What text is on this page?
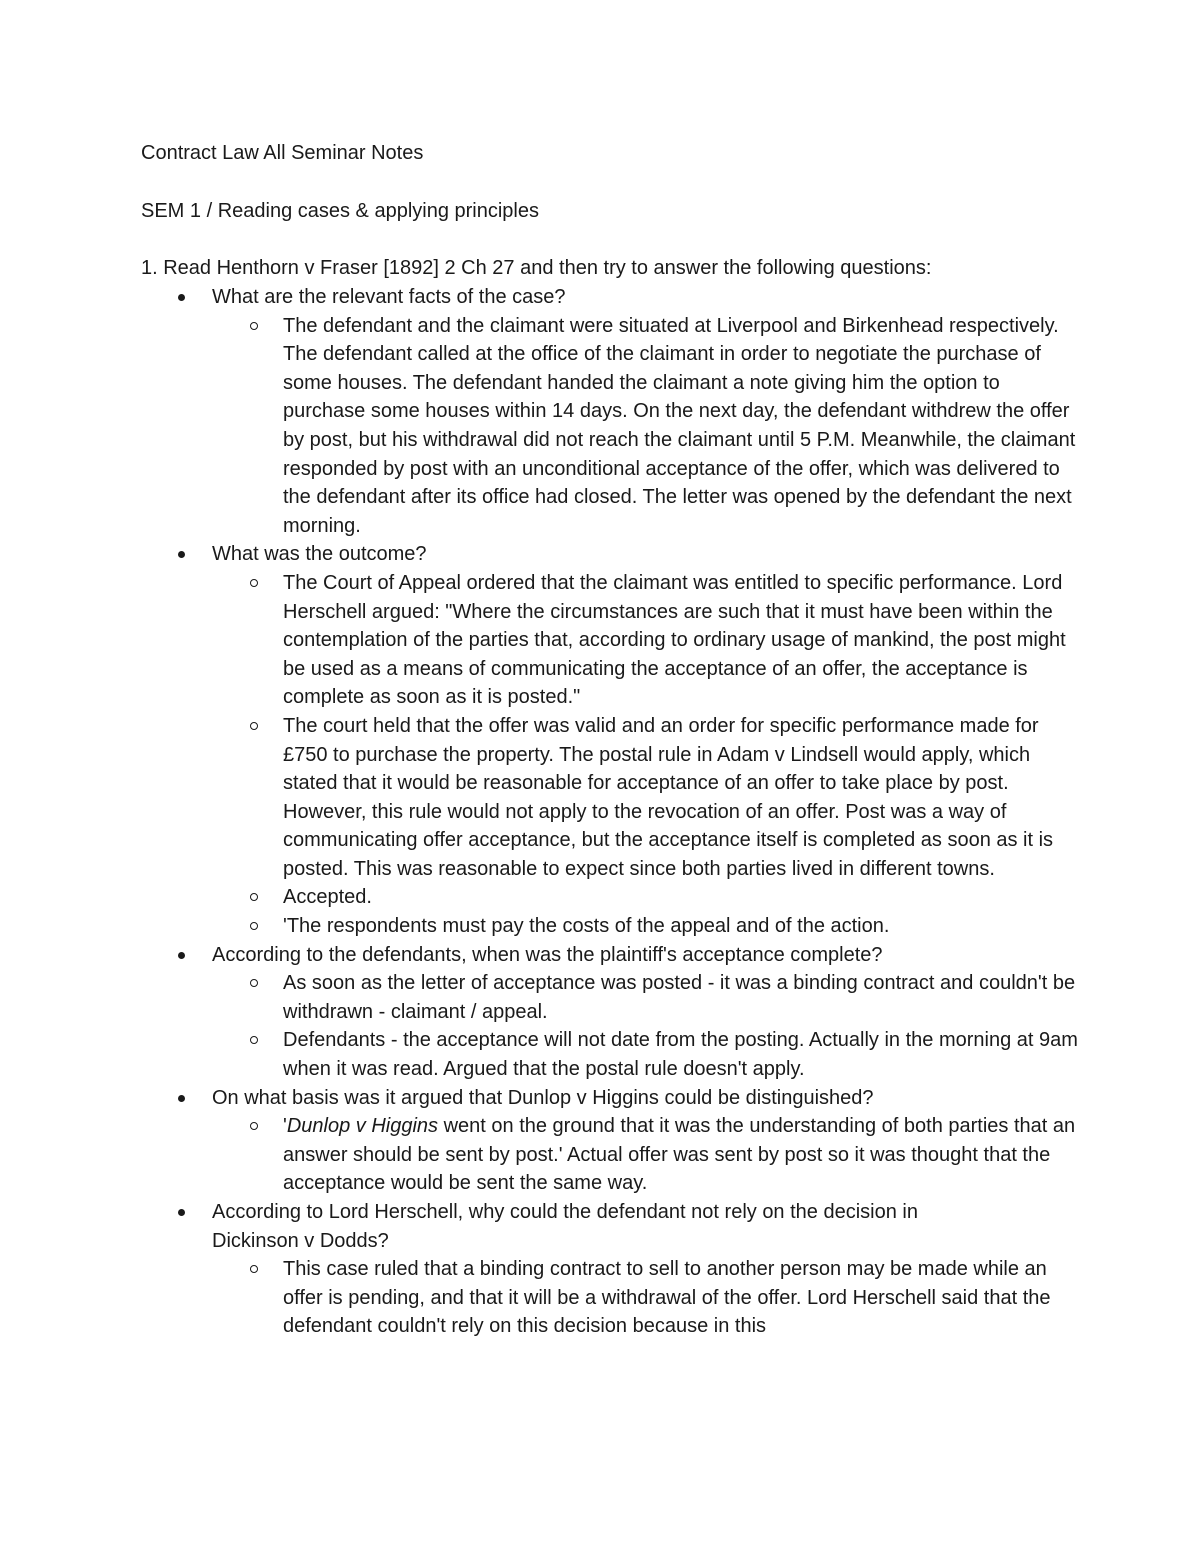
Contract Law All Seminar Notes
SEM 1 / Reading cases & applying principles

1. Read Henthorn v Fraser [1892] 2 Ch 27 and then try to answer the following questions:

What are the relevant facts of the case?
The defendant and the claimant were situated at Liverpool and Birkenhead respectively. The defendant called at the office of the claimant in order to negotiate the purchase of some houses. The defendant handed the claimant a note giving him the option to purchase some houses within 14 days. On the next day, the defendant withdrew the offer by post, but his withdrawal did not reach the claimant until 5 P.M. Meanwhile, the claimant responded by post with an unconditional acceptance of the offer, which was delivered to the defendant after its office had closed. The letter was opened by the defendant the next morning.
What was the outcome?
The Court of Appeal ordered that the claimant was entitled to specific performance. Lord Herschell argued: "Where the circumstances are such that it must have been within the contemplation of the parties that, according to ordinary usage of mankind, the post might be used as a means of communicating the acceptance of an offer, the acceptance is complete as soon as it is posted."
The court held that the offer was valid and an order for specific performance made for £750 to purchase the property. The postal rule in Adam v Lindsell would apply, which stated that it would be reasonable for acceptance of an offer to take place by post. However, this rule would not apply to the revocation of an offer. Post was a way of communicating offer acceptance, but the acceptance itself is completed as soon as it is posted. This was reasonable to expect since both parties lived in different towns.
Accepted.
'The respondents must pay the costs of the appeal and of the action.
According to the defendants, when was the plaintiff's acceptance complete?
As soon as the letter of acceptance was posted - it was a binding contract and couldn't be withdrawn - claimant / appeal.
Defendants - the acceptance will not date from the posting. Actually in the morning at 9am when it was read. Argued that the postal rule doesn't apply.
On what basis was it argued that Dunlop v Higgins could be distinguished?
'Dunlop v Higgins went on the ground that it was the understanding of both parties that an answer should be sent by post.' Actual offer was sent by post so it was thought that the acceptance would be sent the same way.
According to Lord Herschell, why could the defendant not rely on the decision in Dickinson v Dodds?
This case ruled that a binding contract to sell to another person may be made while an offer is pending, and that it will be a withdrawal of the offer. Lord Herschell said that the defendant couldn't rely on this decision because in this
